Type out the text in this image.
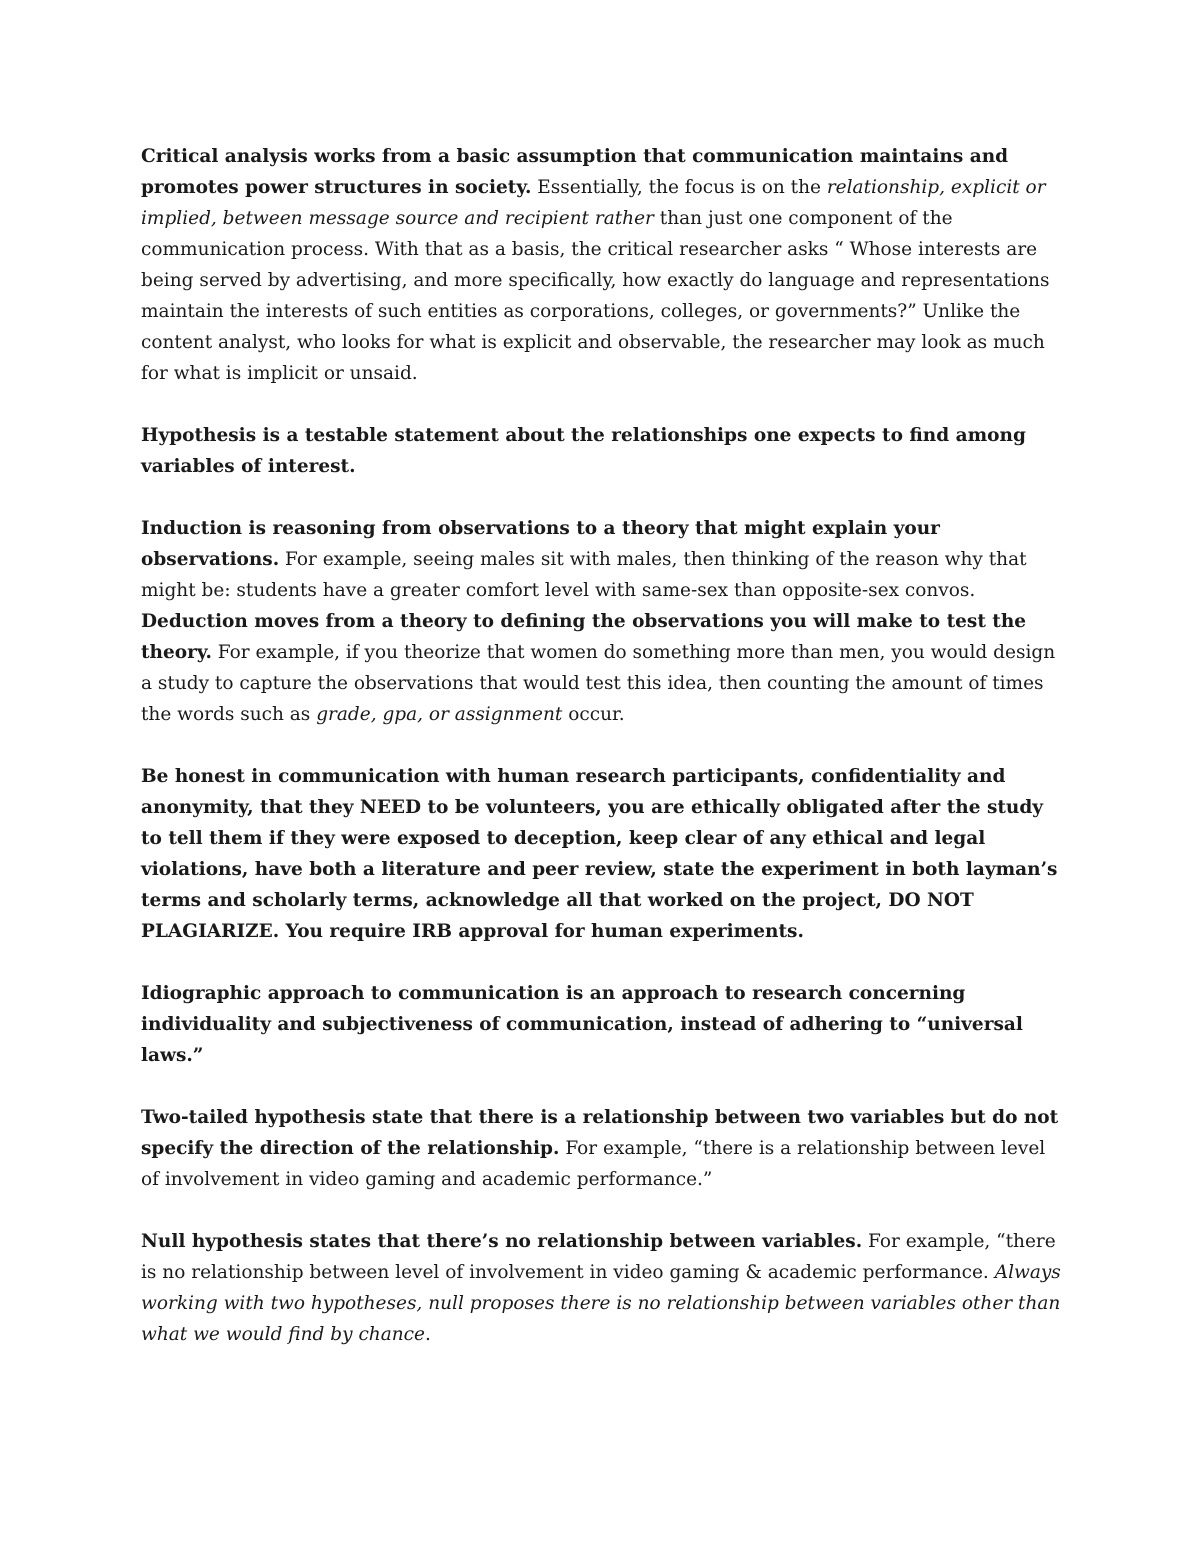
Critical analysis works from a basic assumption that communication maintains and promotes power structures in society. Essentially, the focus is on the relationship, explicit or implied, between message source and recipient rather than just one component of the communication process. With that as a basis, the critical researcher asks “ Whose interests are being served by advertising, and more specifically, how exactly do language and representations maintain the interests of such entities as corporations, colleges, or governments?” Unlike the content analyst, who looks for what is explicit and observable, the researcher may look as much for what is implicit or unsaid.

Hypothesis is a testable statement about the relationships one expects to find among variables of interest.

Induction is reasoning from observations to a theory that might explain your observations. For example, seeing males sit with males, then thinking of the reason why that might be: students have a greater comfort level with same-sex than opposite-sex convos.

Deduction moves from a theory to defining the observations you will make to test the theory. For example, if you theorize that women do something more than men, you would design a study to capture the observations that would test this idea, then counting the amount of times the words such as grade, gpa, or assignment occur.

Be honest in communication with human research participants, confidentiality and anonymity, that they NEED to be volunteers, you are ethically obligated after the study to tell them if they were exposed to deception, keep clear of any ethical and legal violations, have both a literature and peer review, state the experiment in both layman’s terms and scholarly terms, acknowledge all that worked on the project, DO NOT PLAGIARIZE. You require IRB approval for human experiments.

Idiographic approach to communication is an approach to research concerning individuality and subjectiveness of communication, instead of adhering to “universal laws.”

Two-tailed hypothesis state that there is a relationship between two variables but do not specify the direction of the relationship. For example, “there is a relationship between level of involvement in video gaming and academic performance.”

Null hypothesis states that there’s no relationship between variables. For example, “there is no relationship between level of involvement in video gaming & academic performance. Always working with two hypotheses, null proposes there is no relationship between variables other than what we would find by chance.
